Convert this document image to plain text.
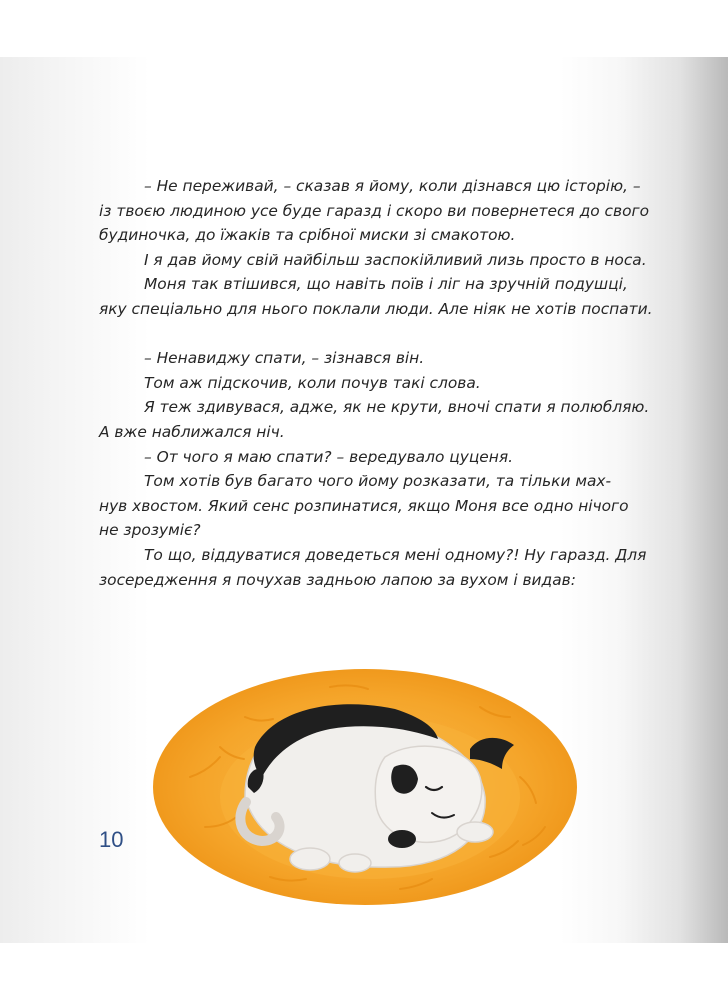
– Не переживай, – сказав я йому, коли дізнався цю історію, –
із твоєю людиною усе буде гаразд і скоро ви повернетеся до свого
будиночка, до їжаків та срібної миски зі смакотою.
І я дав йому свій найбільш заспокійливий лизь просто в носа.
Моня так втішився, що навіть поїв і ліг на зручній подушці,
яку спеціально для нього поклали люди. Але ніяк не хотів поспати.
– Ненавиджу спати, – зізнався він.
Том аж підскочив, коли почув такі слова.
Я теж здивувася, адже, як не крути, вночі спати я полюбляю.
А вже наближался ніч.
– От чого я маю спати? – вередувало цуценя.
Том хотів був багато чого йому розказати, та тільки мах-
нув хвостом. Який сенс розпинатися, якщо Моня все одно нічого
не зрозуміє?
То що, віддуватися доведеться мені одному?! Ну гаразд. Для
зосередження я почухав задньою лапою за вухом і видав:
10
